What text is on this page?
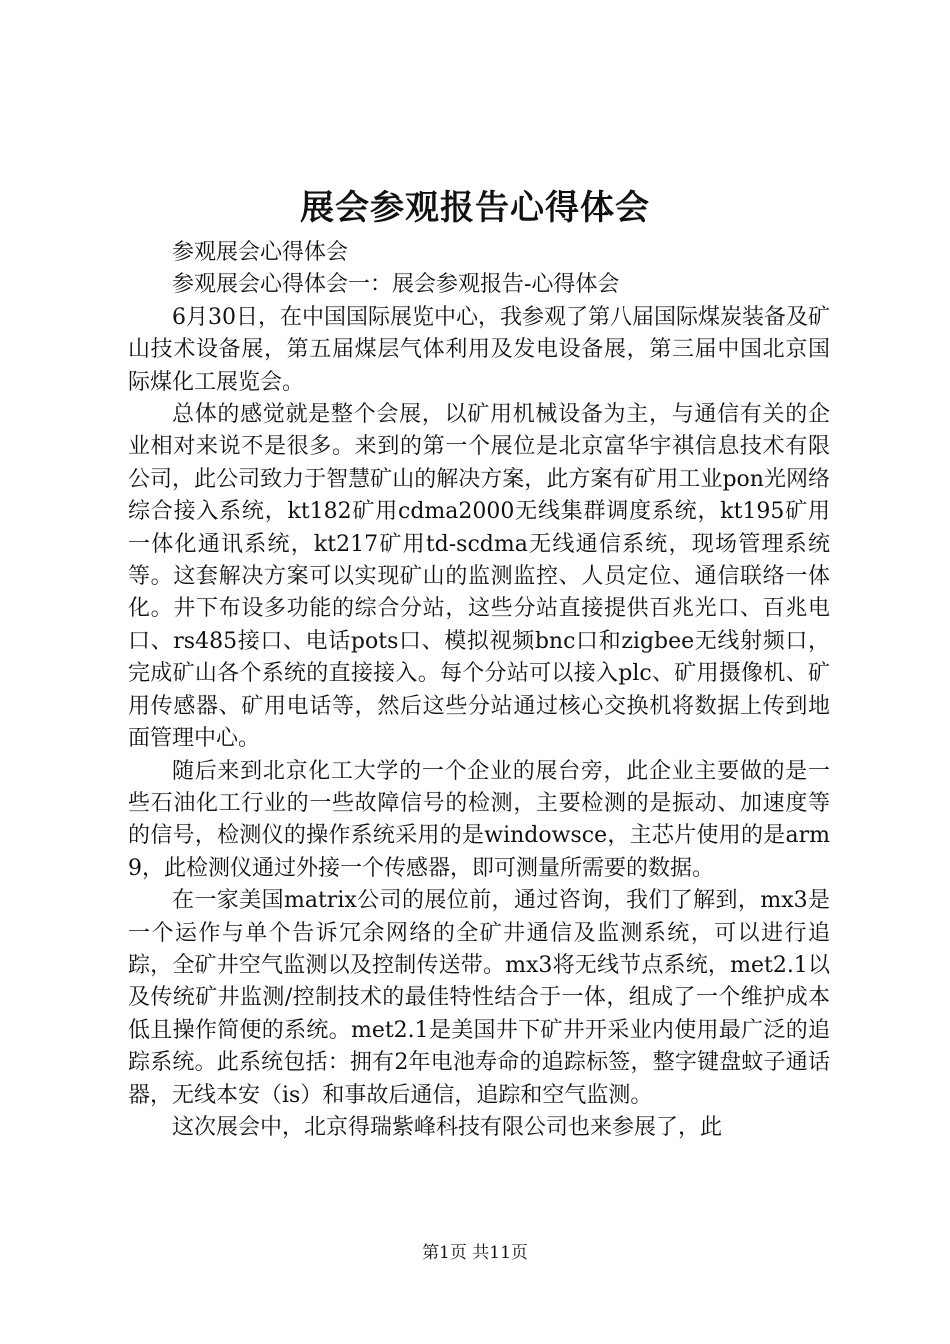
展会参观报告心得体会

参观展会心得体会

参观展会心得体会一：展会参观报告-心得体会

6月30日，在中国国际展览中心，我参观了第八届国际煤炭装备及矿山技术设备展，第五届煤层气体利用及发电设备展，第三届中国北京国际煤化工展览会。

总体的感觉就是整个会展，以矿用机械设备为主，与通信有关的企业相对来说不是很多。来到的第一个展位是北京富华宇祺信息技术有限公司，此公司致力于智慧矿山的解决方案，此方案有矿用工业pon光网络综合接入系统，kt182矿用cdma2000无线集群调度系统，kt195矿用一体化通讯系统，kt217矿用td-scdma无线通信系统，现场管理系统等。这套解决方案可以实现矿山的监测监控、人员定位、通信联络一体化。井下布设多功能的综合分站，这些分站直接提供百兆光口、百兆电口、rs485接口、电话pots口、模拟视频bnc口和zigbee无线射频口，完成矿山各个系统的直接接入。每个分站可以接入plc、矿用摄像机、矿用传感器、矿用电话等，然后这些分站通过核心交换机将数据上传到地面管理中心。

随后来到北京化工大学的一个企业的展台旁，此企业主要做的是一些石油化工行业的一些故障信号的检测，主要检测的是振动、加速度等的信号，检测仪的操作系统采用的是windowsce，主芯片使用的是arm9，此检测仪通过外接一个传感器，即可测量所需要的数据。

在一家美国matrix公司的展位前，通过咨询，我们了解到，mx3是一个运作与单个告诉冗余网络的全矿井通信及监测系统，可以进行追踪，全矿井空气监测以及控制传送带。mx3将无线节点系统，met2.1以及传统矿井监测/控制技术的最佳特性结合于一体，组成了一个维护成本低且操作简便的系统。met2.1是美国井下矿井开采业内使用最广泛的追踪系统。此系统包括：拥有2年电池寿命的追踪标签，整字键盘蚊子通话器，无线本安（is）和事故后通信，追踪和空气监测。

这次展会中，北京得瑞紫峰科技有限公司也来参展了，此

第1页 共11页
